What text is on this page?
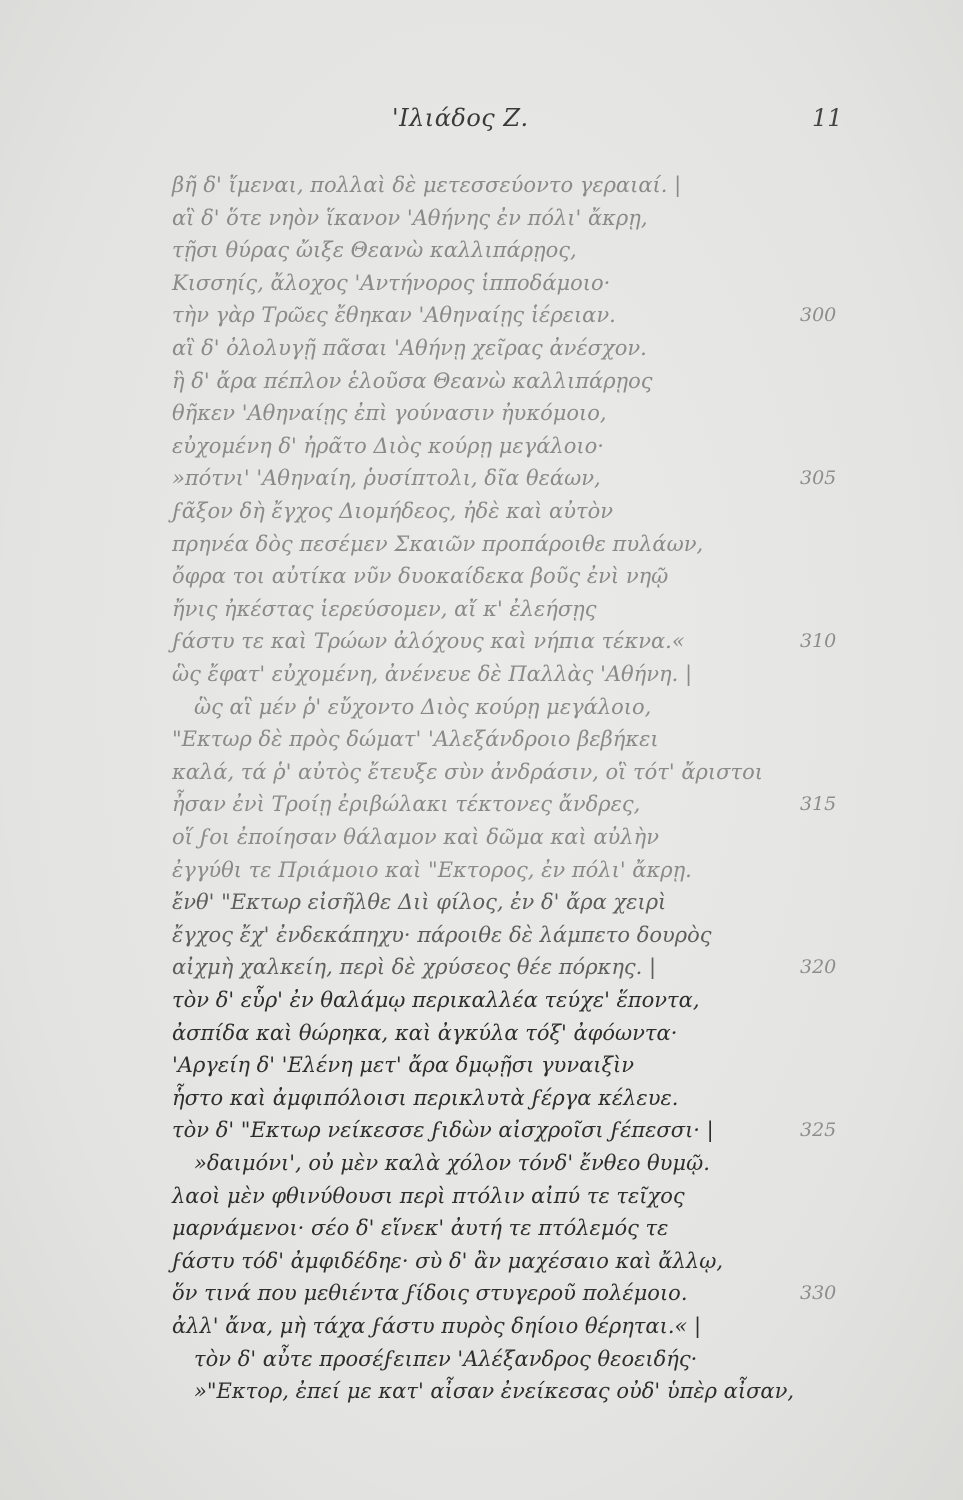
'Ιλιάδος Ζ.	11
βῆ δ' ἴμεναι, πολλαὶ δὲ μετεσσεύοντο γεραιαί. |
αἳ δ' ὅτε νηὸν ἵκανον 'Αθήνης ἐν πόλι' ἄκρῃ,
τῇσι θύρας ὤιξε Θεανὼ καλλιπάρῃος,
Κισσηίς, ἄλοχος 'Αντήνορος ἱπποδάμοιο·
τὴν γὰρ Τρῶες ἔθηκαν 'Αθηναίῃς ἱέρειαν.
αἳ δ' ὀλολυγῇ πᾶσαι 'Αθήνῃ χεῖρας ἀνέσχον.
ἣ δ' ἄρα πέπλον ἑλοῦσα Θεανὼ καλλιπάρῃος
θῆκεν 'Αθηναίῃς ἐπὶ γούνασιν ἠυκόμοιο,
εὐχομένη δ' ἠρᾶτο Διὸς κούρῃ μεγάλοιο·
»πότνι' 'Αθηναίη, ῥυσίπτολι, δῖα θεάων,
ϝᾶξον δὴ ἔγχος Διομήδεος, ἠδὲ καὶ αὐτὸν
πρηνέα δὸς πεσέμεν Σκαιῶν προπάροιθε πυλάων,
ὄφρα τοι αὐτίκα νῦν δυοκαίδεκα βοῦς ἐνὶ νηῷ
ἤνις ἠκέστας ἱερεύσομεν, αἴ κ' ἐλεήσῃς
ϝάστυ τε καὶ Τρώων ἀλόχους καὶ νήπια τέκνα.«
ὣς ἔφατ' εὐχομένη, ἀνένευε δὲ Παλλὰς 'Αθήνη. |
ὣς αἳ μέν ῥ' εὔχοντο Διὸς κούρῃ μεγάλοιο,
"Εκτωρ δὲ πρὸς δώματ' 'Αλεξάνδροιο βεβήκει
καλά, τά ῥ' αὐτὸς ἔτευξε σὺν ἀνδράσιν, οἳ τότ' ἄριστοι
ἦσαν ἐνὶ Τροίῃ ἐριβώλακι τέκτονες ἄνδρες,
οἵ ϝοι ἐποίησαν θάλαμον καὶ δῶμα καὶ αὐλὴν
ἐγγύθι τε Πριάμοιο καὶ "Εκτορος, ἐν πόλι' ἄκρῃ.
ἔνθ' "Εκτωρ εἰσῆλθε Διὶ φίλος, ἐν δ' ἄρα χειρὶ
ἔγχος ἔχ' ἐνδεκάπηχυ· πάροιθε δὲ λάμπετο δουρὸς
αἰχμὴ χαλκείη, περὶ δὲ χρύσεος θέε πόρκης. |
τὸν δ' εὗρ' ἐν θαλάμῳ περικαλλέα τεύχε' ἕποντα,
ἀσπίδα καὶ θώρηκα, καὶ ἀγκύλα τόξ' ἀφόωντα·
'Αργείη δ' 'Ελένη μετ' ἄρα δμῳῇσι γυναιξὶν
ἧστο καὶ ἀμφιπόλοισι περικλυτὰ ϝέργα κέλευε.
τὸν δ' "Εκτωρ νείκεσσε ϝιδὼν αἰσχροῖσι ϝέπεσσι· |
»δαιμόνι', οὐ μὲν καλὰ χόλον τόνδ' ἔνθεο θυμῷ.
λαοὶ μὲν φθινύθουσι περὶ πτόλιν αἰπύ τε τεῖχος
μαρνάμενοι· σέο δ' εἵνεκ' ἀυτή τε πτόλεμός τε
ϝάστυ τόδ' ἀμφιδέδηε· σὺ δ' ἂν μαχέσαιο καὶ ἄλλῳ,
ὅν τινά που μεθιέντα ϝίδοις στυγεροῦ πολέμοιο.
ἀλλ' ἄνα, μὴ τάχα ϝάστυ πυρὸς δηίοιο θέρηται.« |
τὸν δ' αὖτε προσέϝειπεν 'Αλέξανδρος θεοειδής·
»"Εκτορ, ἐπεί με κατ' αἶσαν ἐνείκεσας οὐδ' ὑπὲρ αἶσαν,
300
305
310
315
320
325
330
